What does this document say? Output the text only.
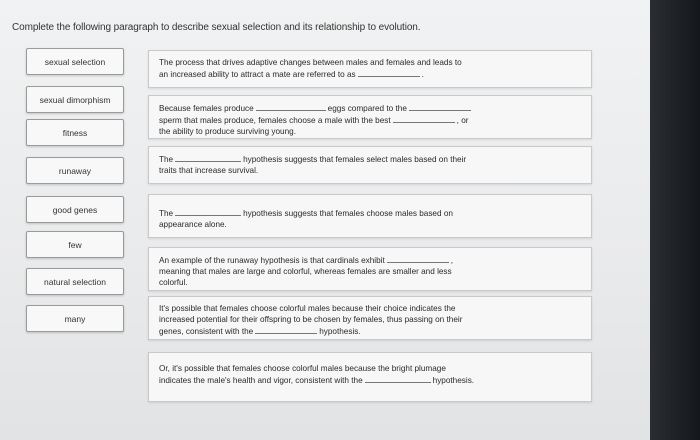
Complete the following paragraph to describe sexual selection and its relationship to evolution.
sexual selection
sexual dimorphism
fitness
runaway
good genes
few
natural selection
many
The process that drives adaptive changes between males and females and leads to
an increased ability to attract a mate are referred to as	.
Because females produce	eggs compared to the
sperm that males produce, females choose a male with the best	, or
the ability to produce surviving young.
The	hypothesis suggests that females select males based on their
traits that increase survival.
The	hypothesis suggests that females choose males based on
appearance alone.
An example of the runaway hypothesis is that cardinals exhibit	,
meaning that males are large and colorful, whereas females are smaller and less
colorful.
It's possible that females choose colorful males because their choice indicates the
increased potential for their offspring to be chosen by females, thus passing on their
genes, consistent with the	hypothesis.
Or, it's possible that females choose colorful males because the bright plumage
indicates the male's health and vigor, consistent with the	hypothesis.
